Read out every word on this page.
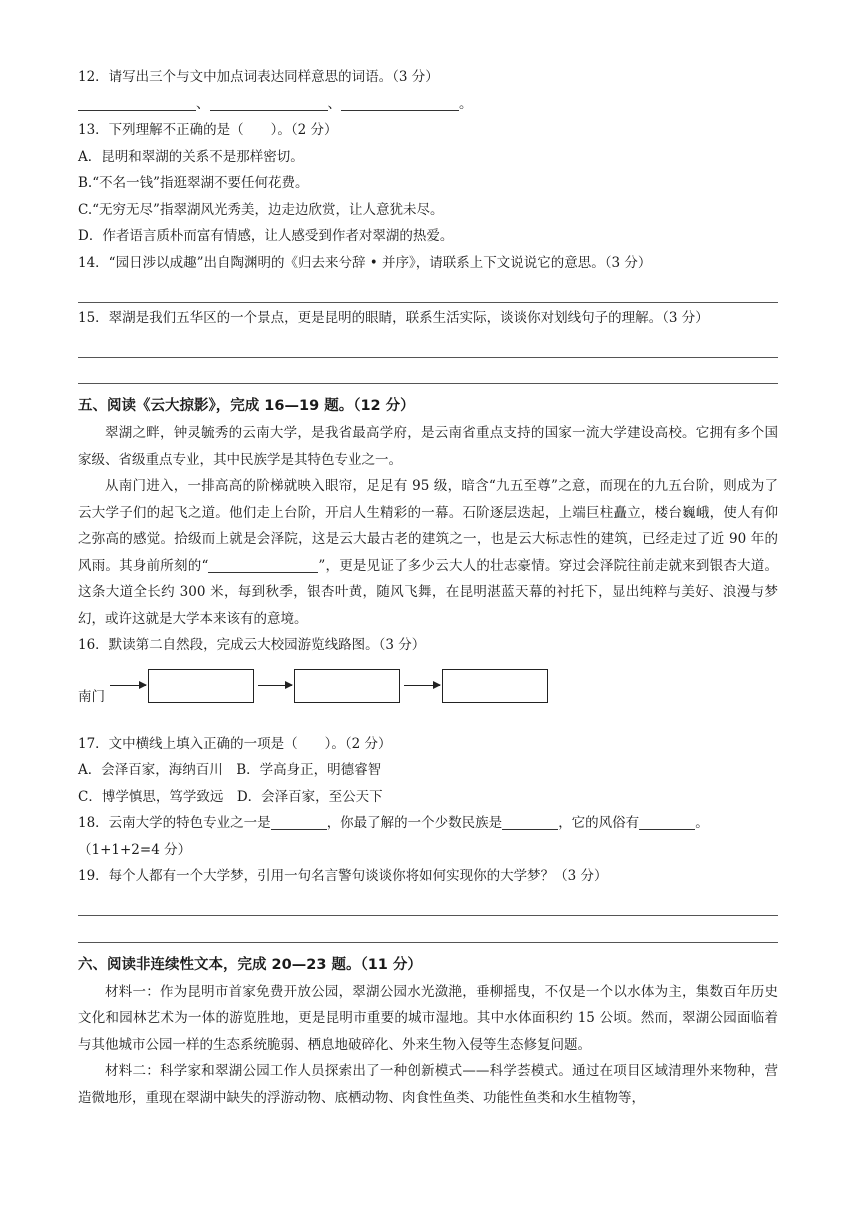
12．请写出三个与文中加点词表达同样意思的词语。（3 分）
、	、	。
13．下列理解不正确的是（　　）。（2 分）
A．昆明和翠湖的关系不是那样密切。
B.“不名一钱”指逛翠湖不要任何花费。
C.“无穷无尽”指翠湖风光秀美，边走边欣赏，让人意犹未尽。
D．作者语言质朴而富有情感，让人感受到作者对翠湖的热爱。
14．“园日涉以成趣”出自陶渊明的《归去来兮辞 • 并序》，请联系上下文说说它的意思。（3 分）
15．翠湖是我们五华区的一个景点，更是昆明的眼睛，联系生活实际，谈谈你对划线句子的理解。（3 分）
五、阅读《云大掠影》，完成 16—19 题。（12 分）
翠湖之畔，钟灵毓秀的云南大学，是我省最高学府，是云南省重点支持的国家一流大学建设高校。它拥有多个国家级、省级重点专业，其中民族学是其特色专业之一。
从南门进入，一排高高的阶梯就映入眼帘，足足有 95 级，暗含“九五至尊”之意，而现在的九五台阶，则成为了云大学子们的起飞之道。他们走上台阶，开启人生精彩的一幕。石阶逐层迭起，上端巨柱矗立，楼台巍峨，使人有仰之弥高的感觉。拾级而上就是会泽院，这是云大最古老的建筑之一，也是云大标志性的建筑，已经走过了近 90 年的风雨。其身前所刻的“	”，更是见证了多少云大人的壮志豪情。穿过会泽院往前走就来到银杏大道。这条大道全长约 300 米，每到秋季，银杏叶黄，随风飞舞，在昆明湛蓝天幕的衬托下，显出纯粹与美好、浪漫与梦幻，或许这就是大学本来该有的意境。
16．默读第二自然段，完成云大校园游览线路图。（3 分）
南门
17．文中横线上填入正确的一项是（　　）。（2 分）
A．会泽百家，海纳百川　B．学高身正，明德睿智
C．博学慎思，笃学致远　D．会泽百家，至公天下
18．云南大学的特色专业之一是	，你最了解的一个少数民族是	，它的风俗有	。
（1+1+2=4 分）
19．每个人都有一个大学梦，引用一句名言警句谈谈你将如何实现你的大学梦？（3 分）
六、阅读非连续性文本，完成 20—23 题。（11 分）
材料一：作为昆明市首家免费开放公园，翠湖公园水光潋滟，垂柳摇曳，不仅是一个以水体为主，集数百年历史文化和园林艺术为一体的游览胜地，更是昆明市重要的城市湿地。其中水体面积约 15 公顷。然而，翠湖公园面临着与其他城市公园一样的生态系统脆弱、栖息地破碎化、外来生物入侵等生态修复问题。
材料二：科学家和翠湖公园工作人员探索出了一种创新模式——科学荟模式。通过在项目区域清理外来物种，营造微地形，重现在翠湖中缺失的浮游动物、底栖动物、肉食性鱼类、功能性鱼类和水生植物等，
